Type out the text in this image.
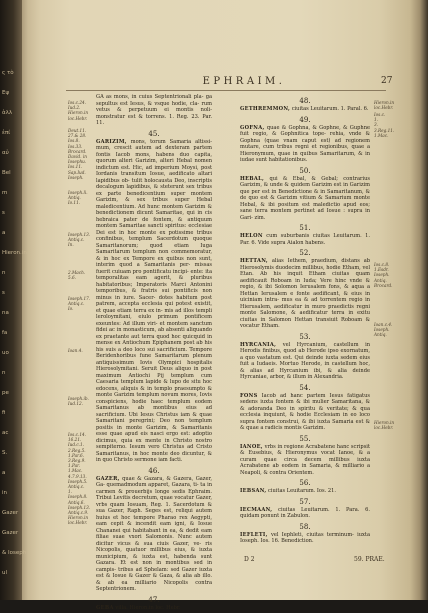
ς τὸ
Εψ
ἀλλ
ἐπί
αὐ
Bel
m
s
a
Hieron.in
n
s
na
fa
uo
n
pe
fi
ac
S.
a
in
Gazer
Gazer
& Ioseph
ul
EPHRAIM.	27
GA as mons, in cuius Septentrionali pla- ga sepultus est Iesus, & vsque hodie, cla- rum vetus & perpetuum ei montis noli- monstratur est & torrens. 1. Reg. 23. Par. 11.
45.
GARIZIM, mons, torum Samaria altissi- mum, crescit autem ad dexteram partem fontis Iacob mons, habens duo capita, quorum alteri Garizim, alteri Hebal nomen indictum est. Hic, ad imperium Moysi, post Iordanis transitum Iosue, aedificato altari lapidibus ob- tulit holocausta Deo, inscriptis decalogum lapidibus, & steterunt sex tribus ex parte benedicentium super montem Garizim, & sex tribus super Hebal maledicentium. Ad hunc montem Garizim & benedictionem dicunt Samaritae, qui in cis hebraica pater de fontem, & antiquum montem Samaritae sancti spiritus: ecclesiae Dei est in hoc monte ex potissime tribus confinibus, templum Sacerdotum quoque Samaritanorum; quod etiam Iuga Samaritarum templum non commemoratur, & in hoc ex Tempore ex quibus non sunt, interim quod a Samaritanis per- missas fuerit cuiuam pro pontificatu incipi- ente: ita temporalitas eam agerit, & pluribus habitatoribus; Imperatoris Marci Antonini temporibus, & fratris sui pontificis non minus in iure. Sacer- dotes habitum post patrem, accepta ecclesia qui potest existit, et quae etiam terra ex in- mis ad illos templi leroloymitani, eiulo primum pontificem exeuntes: Ad illum viri- et montem sanctum fidei ac in monasticum, ab absenti aliquando ex praetante aut terra quod hoc quicquid in mense ex Antiochum Epiphanem post ab his his suis a deo loco sui sacrificium. Tempore Beridenhoribus fune Samaritarum plenum antiquissimum Iovis Olympici hospitalis Hierosolymitani. Seruit Deus aliquo in post maximum Antiochi Pij templum cum Caesaria templum lapide & lupo de situ hoc edocens, aliquis & in templo praesumpto & monte Garizim templum novum mores, Iovis conspiciens, hodie haec templum eodem Samaritanus ab montibus eius ad sacrificium. Ubi Iesus Christus iam & quae Samaritani peregrini; Deo non templum positis in monte Garizim, & Samaritanis esse quae apud eis nasci ergo est: adoptio dicimus, quia ex mente in Christo nostro sempiterno. Iesum vero Christus ad Cristo Samaritanus, in hoc monte deo dicuntur, & in quo Christo sermone iam facti.
46.
GAZER, quae & Gazara, & Gazera, Gazer, Ga- quemadmodum apparet, Gazara, ti- ta in carmen & prouerbijs longe sedis Ephraim. Tribui Levitis decretum, quae vocatur Gazer, vrbs quam Iosuam, Reg. 1. Sacerdotum & sua Gazer, Raph. Seges est, reliqui autem huius et hoc tempore Pharao rex Aegypti, eam cepit & incendit eam igni, & Iosue Chananei qui habitabant in ea, & dedit eam filiae suae vxori Salomonis. Nunc autem dicitur vicus & sua ciuis Gazer, ve- ris Nicopolis, quatuor millibus eius, & iuxta municipium, & iuxta est, habenda sunt Gazara. Et est non in montibus sed in campis- tribus ad Sphelam: sed Gazer iuxta est & Iosue & Gazer & Gaza, & alia ab illo. & ab ea milliario Nicopolis contra Septentrionem.
47.
GEBA villa. Hieron.in loc. Hebr.
48.
GETHREMMON, ciuitas Leuitarum. 1. Paral. 6.
49.
GOFNA, quae & Gophna, & Gophne, & Guphne fuit regio, & Gophnitica tope- rehia, vnde & Gophna (quae vnam caput est) ad regionem mutare, cum tribus regni et regionibus, quae a Hieronymum, quae in quibus Samaritarum, & in iudae sunt habitationibus.
50.
HEBAL, qui & Ebal, & Gebal; contrarius Garizim, & unde & quidem Garizim est in Garizim que per est in Benedictione & in Samaritanum, & de quo est & Garizim vitium & Samarium monte Hebal, & ibi positum est maledictio apud eos; sane terra montem pertinet ad Iosue : supra in Gari- zim.
51.
HELON cum suburbanis ciuitas Leuitarum. 1. Par. 6. Vide supra Aialon habens.
52.
HETTAN, alias Iethem, praedium, distans ab Hierosolymis duodecim millibus, hodie Etham, vel Etan. Ab his inquit Etham ciuitas quam aedificauit Roboam in Iuda; Vere hinc vnde & regio, & ibi Solomon Ierusalem fons, & aqua a Hettan Ierusalem e fonte aedificant, & eius in uiciniam intra- mus ea & ad torrentem regio in Hierusalem, aedificatur in muro praedictis regni monte Salomone, & aedificatur terra in exitu ciuitas in Salomon Hettan transiuit Roboam & vocatur Etham.
53.
HYRCANIA, vel Hyrcanium, castellum in Herodis finibus, quod ab Herode ipso exornatum, a quo vastatum est. Qui deinde iuxta sedem eius fuit a Iudaeis. Mortuo Herode, in castellum hoc, & alias ad Hyrcanium ibi, & alia deinde Hyrcaniae, arbor, & illum in Alexandria.
54.
FONS Iacob ad hanc partem Iesus fatigatus sedens iuxta fontem & ibi mulier Samaritana, & & adoranda Deo in spiritu & veritate; & qua ecclesia inquiunt, & hodie Ecclesiam in eo loco supra fontem construi, & ibi iuxta Samaria est & & quae a radicis montis Garizim.
55.
IANOE, vrbs in regione Acrabatene hanc scripsit & Eusebius, & Hieronymus vocat Ianoe, & a curam quae circa decem millibus iuxta Acrabatene ab eodem in Samaria, & milliario a Neapoli, & contra Orientem.
56.
IEBSAN, ciuitas Leuitarum. Ios. 21.
57.
IECMAAN, ciuitas Leuitarum. 1. Para. 6. quidam ponunt in Zabulon.
58.
IEFLETI, vel Iephleti, ciuitas terminum- iuxta Ioseph. Ios. 16. Benediction.
Ios.c.24.
Iud.2.
Hieron.in
loc.Hebr.
Deut.11.
27.& 28.
Ios.8.
Ios.33.
Brocard.
David. in
Iosephu.
Ios.11.
Sap.Iud.
Ioseph.
Ioseph.li.
Antiq.
Io.11.
Ioseph.13.
Antiq.c.
In.
2.Mach.
5.6.
Ioseph.17.
Antiq.c.
Io.
Ioan.4.
Ioseph.ib.
Iud.12.
Ios.c.14.
16.21.
Iud.c.1.
2.Reg.5.
1.Par.6.
3.Reg.9.
1.Par.
1.Mac.
4.7.9.13.
Ioseph.5.
Antiq.c.
1.
Ioseph.8.
Antiq.6.
Ioseph.13.
Antiq.c.9.
Hieron.in
loc.Hebr.
Hieron.in
loc.Hebr.
Ios.c.
1.
3.
3.Reg.11.
1.Mac.
Ios.c.8.
1.Esdr.
Ioseph.
Antiq.
Brocard.
Ioan.c.4.
Ioseph.
Antiq.
Hieron.in
loc.Hebr.
D 2	59. PRAE.
